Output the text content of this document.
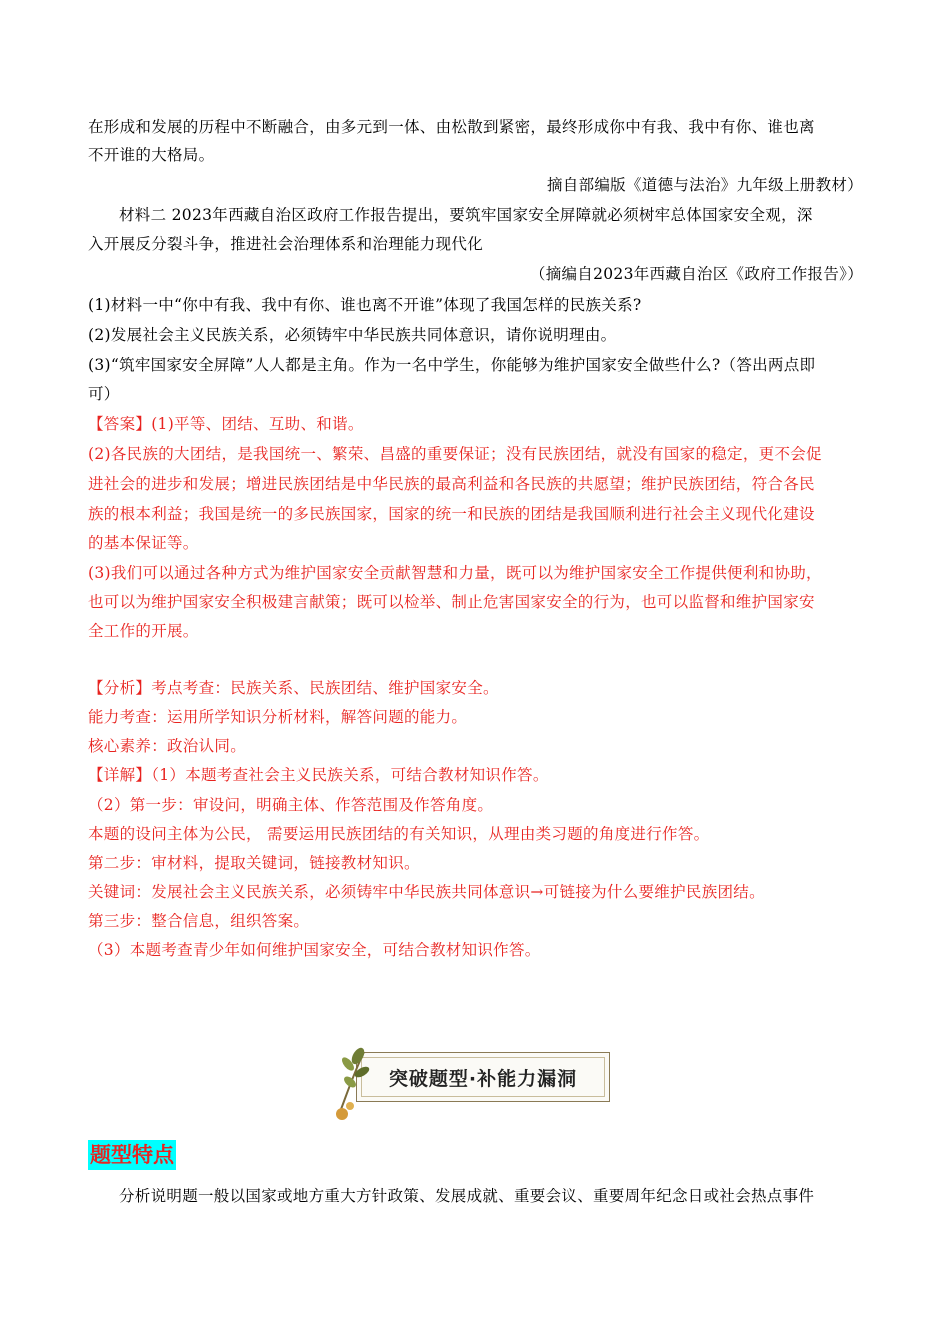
在形成和发展的历程中不断融合，由多元到一体、由松散到紧密，最终形成你中有我、我中有你、谁也离
不开谁的大格局。
摘自部编版《道德与法治》九年级上册教材）
材料二 2023年西藏自治区政府工作报告提出，要筑牢国家安全屏障就必须树牢总体国家安全观，深
入开展反分裂斗争，推进社会治理体系和治理能力现代化
（摘编自2023年西藏自治区《政府工作报告》）
(1)材料一中“你中有我、我中有你、谁也离不开谁”体现了我国怎样的民族关系?
(2)发展社会主义民族关系，必须铸牢中华民族共同体意识，请你说明理由。
(3)“筑牢国家安全屏障”人人都是主角。作为一名中学生，你能够为维护国家安全做些什么?（答出两点即
可）
【答案】(1)平等、团结、互助、和谐。
(2)各民族的大团结，是我国统一、繁荣、昌盛的重要保证；没有民族团结，就没有国家的稳定，更不会促
进社会的进步和发展；增进民族团结是中华民族的最高利益和各民族的共愿望；维护民族团结，符合各民
族的根本利益；我国是统一的多民族国家，国家的统一和民族的团结是我国顺利进行社会主义现代化建设
的基本保证等。
(3)我们可以通过各种方式为维护国家安全贡献智慧和力量，既可以为维护国家安全工作提供便利和协助，
也可以为维护国家安全积极建言献策；既可以检举、制止危害国家安全的行为，也可以监督和维护国家安
全工作的开展。
【分析】考点考查：民族关系、民族团结、维护国家安全。
能力考查：运用所学知识分析材料，解答问题的能力。
核心素养：政治认同。
【详解】（1）本题考查社会主义民族关系，可结合教材知识作答。
（2）第一步：审设问，明确主体、作答范围及作答角度。
本题的设问主体为公民， 需要运用民族团结的有关知识，从理由类习题的角度进行作答。
第二步：审材料，提取关键词，链接教材知识。
关键词：发展社会主义民族关系，必须铸牢中华民族共同体意识→可链接为什么要维护民族团结。
第三步：整合信息，组织答案。
（3）本题考查青少年如何维护国家安全，可结合教材知识作答。
突破题型·补能力漏洞
题型特点
分析说明题一般以国家或地方重大方针政策、发展成就、重要会议、重要周年纪念日或社会热点事件
